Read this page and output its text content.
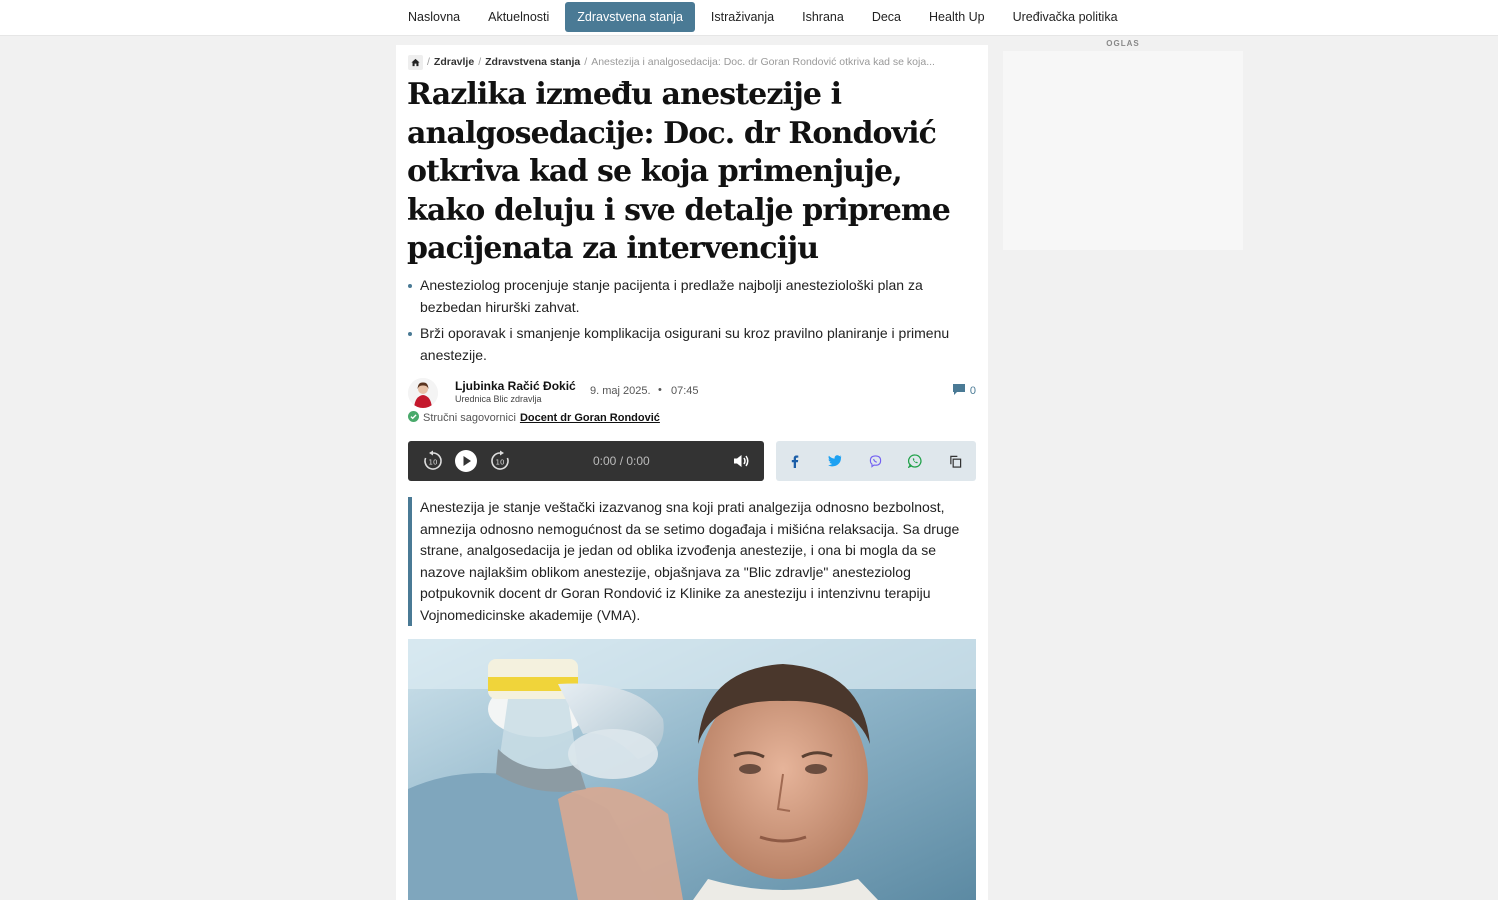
Naslovna	Aktuelnosti	Zdravstvena stanja	Istraživanja	Ishrana	Deca	Health Up	Uređivačka politika
/ Zdravlje / Zdravstvena stanja / Anestezija i analgosedacija: Doc. dr Goran Rondović otkriva kad se koja...
Razlika između anestezije i analgosedacije: Doc. dr Rondović otkriva kad se koja primenjuje, kako deluju i sve detalje pripreme pacijenata za intervenciju
Anesteziolog procenjuje stanje pacijenta i predlaže najbolji anesteziološki plan za bezbedan hirurški zahvat.
Brži oporavak i smanjenje komplikacija osigurani su kroz pravilno planiranje i primenu anestezije.
Ljubinka Račić Đokić
Urednica Blic zdravlja
9. maj 2025. • 07:45	0
Stručni sagovornici Docent dr Goran Rondović
10	10	0:00 / 0:00

Anestezija je stanje veštački izazvanog sna koji prati analgezija odnosno bezbolnost, amnezija odnosno nemogućnost da se setimo događaja i mišićna relaksacija. Sa druge strane, analgosedacija je jedan od oblika izvođenja anestezije, i ona bi mogla da se nazove najlakšim oblikom anestezije, objašnjava za "Blic zdravlje" anesteziolog potpukovnik docent dr Goran Rondović iz Klinike za anesteziju i intenzivnu terapiju Vojnomedicinske akademije (VMA).

OGLAS
